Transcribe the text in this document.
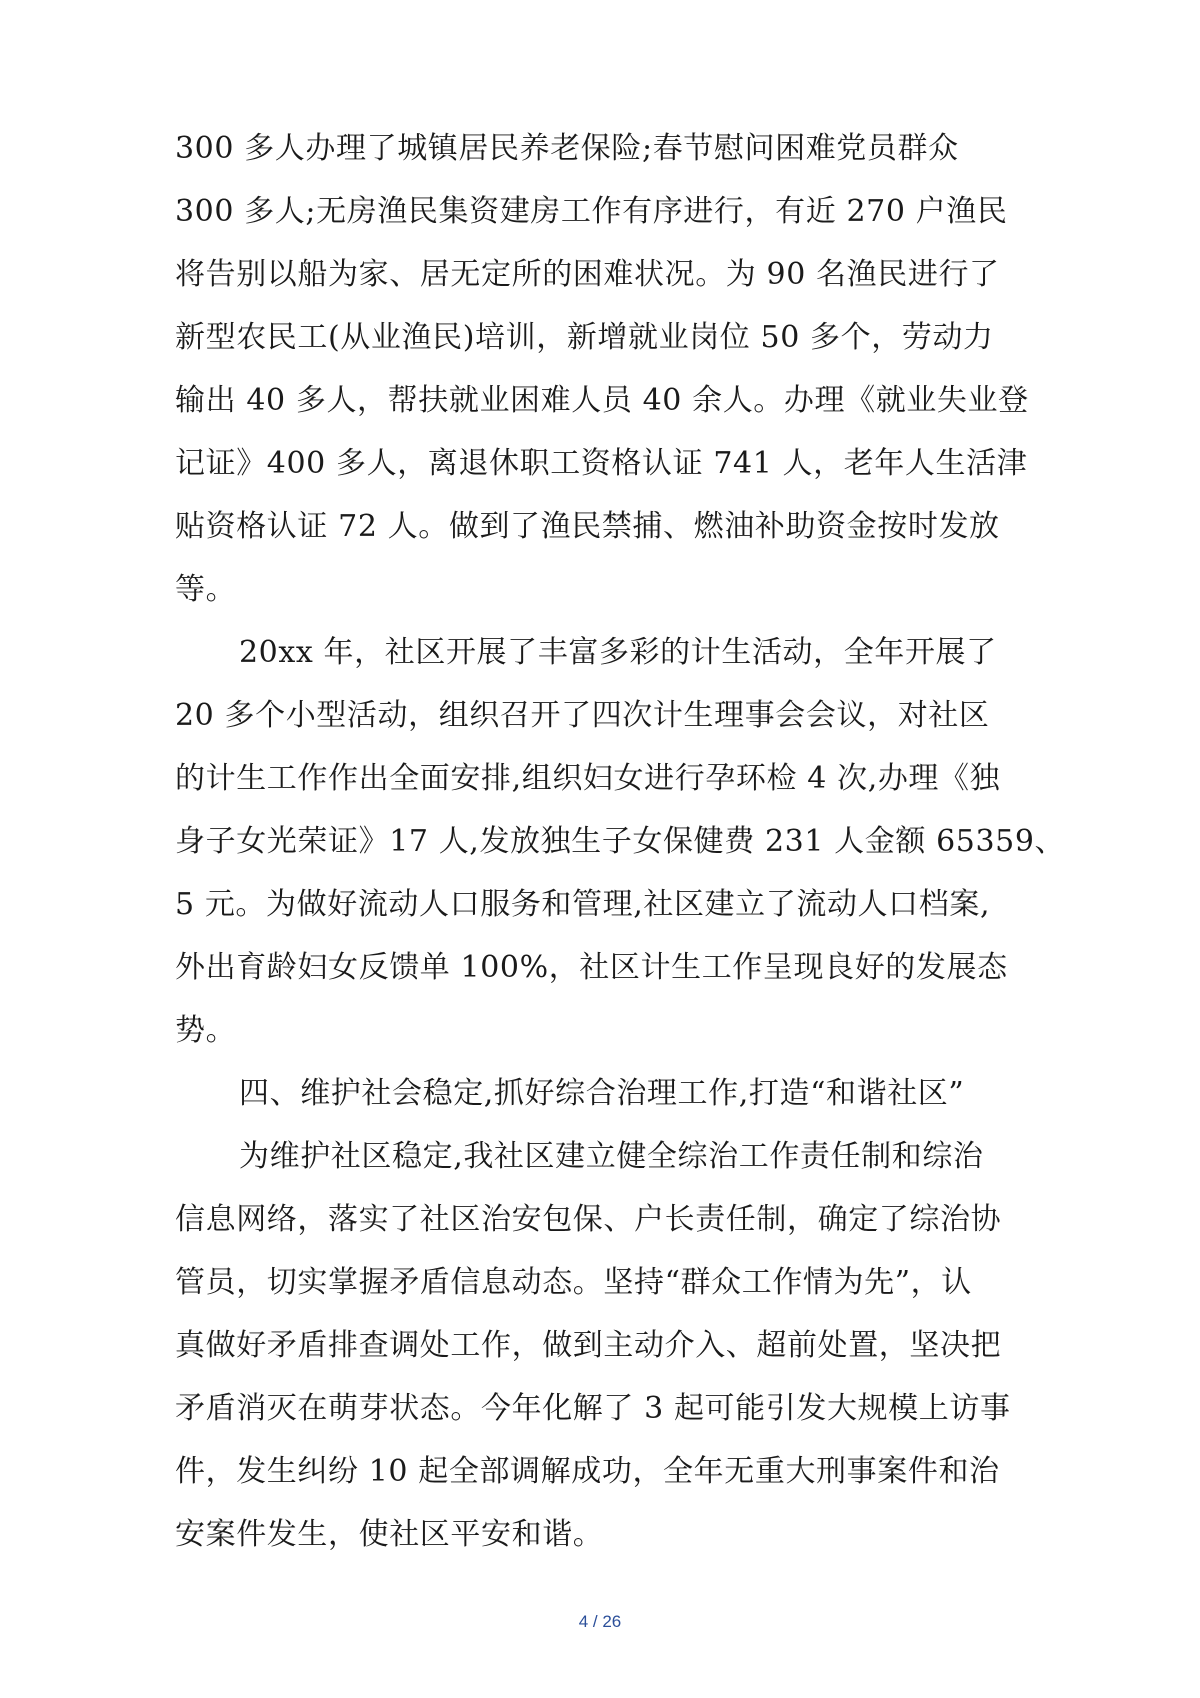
300 多人办理了城镇居民养老保险;春节慰问困难党员群众
300 多人;无房渔民集资建房工作有序进行，有近 270 户渔民
将告别以船为家、居无定所的困难状况。为 90 名渔民进行了
新型农民工(从业渔民)培训，新增就业岗位 50 多个，劳动力
输出 40 多人，帮扶就业困难人员 40 余人。办理《就业失业登
记证》400 多人，离退休职工资格认证 741 人，老年人生活津
贴资格认证 72 人。做到了渔民禁捕、燃油补助资金按时发放
等。
20xx 年，社区开展了丰富多彩的计生活动，全年开展了
20 多个小型活动，组织召开了四次计生理事会会议，对社区
的计生工作作出全面安排,组织妇女进行孕环检 4 次,办理《独
身子女光荣证》17 人,发放独生子女保健费 231 人金额 65359、
5 元。为做好流动人口服务和管理,社区建立了流动人口档案,
外出育龄妇女反馈单 100%，社区计生工作呈现良好的发展态
势。
四、维护社会稳定,抓好综合治理工作,打造“和谐社区”
为维护社区稳定,我社区建立健全综治工作责任制和综治
信息网络，落实了社区治安包保、户长责任制，确定了综治协
管员，切实掌握矛盾信息动态。坚持“群众工作情为先”，认
真做好矛盾排查调处工作，做到主动介入、超前处置，坚决把
矛盾消灭在萌芽状态。今年化解了 3 起可能引发大规模上访事
件，发生纠纷 10 起全部调解成功，全年无重大刑事案件和治
安案件发生，使社区平安和谐。
4 / 26
